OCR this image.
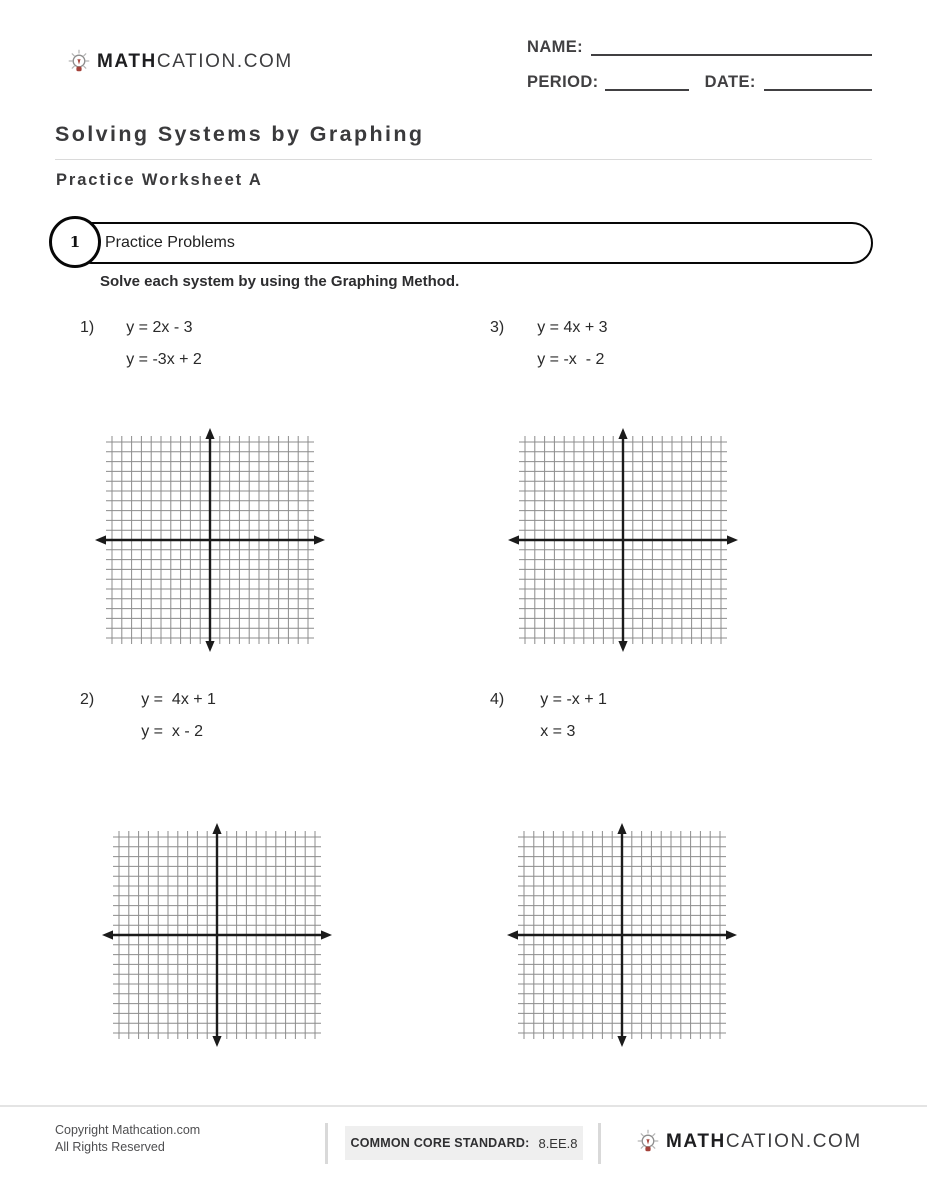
MATHCATION.COM
NAME:
PERIOD:	DATE:
Solving Systems by Graphing
Practice Worksheet A
Practice Problems
1
Solve each system by using the Graphing Method.
1) y = 2x - 3
y = -3x + 2
3) y = 4x + 3
y = -x  - 2
2)	y =  4x + 1
y =  x - 2
4) y = -x + 1
x = 3
Copyright Mathcation.com
All Rights Reserved	COMMON CORE STANDARD: 8.EE.8	MATHCATION.COM
